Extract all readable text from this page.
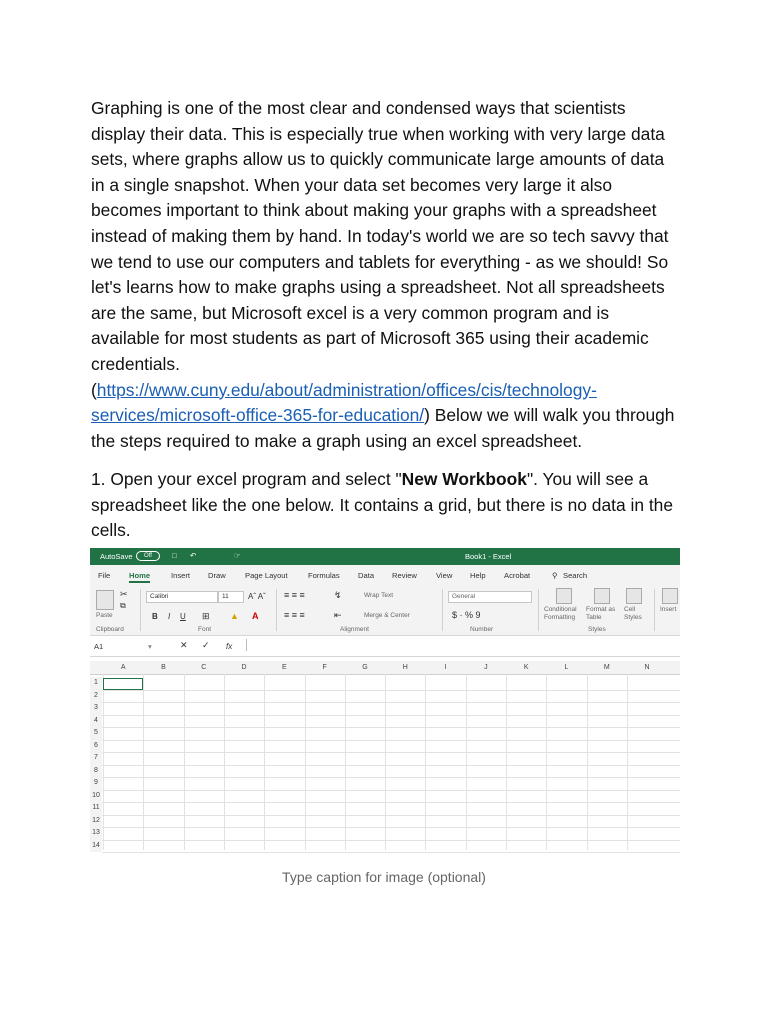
Graphing is one of the most clear and condensed ways that scientists display their data. This is especially true when working with very large data sets, where graphs allow us to quickly communicate large amounts of data in a single snapshot. When your data set becomes very large it also becomes important to think about making your graphs with a spreadsheet instead of making them by hand. In today's world we are so tech savvy that we tend to use our computers and tablets for everything - as we should! So let's learns how to make graphs using a spreadsheet. Not all spreadsheets are the same, but Microsoft excel is a very common program and is available for most students as part of Microsoft 365 using their academic credentials. (https://www.cuny.edu/about/administration/offices/cis/technology-services/microsoft-office-365-for-education/) Below we will walk you through the steps required to make a graph using an excel spreadsheet.

1. Open your excel program and select "New Workbook". You will see a spreadsheet like the one below. It contains a grid, but there is no data in the cells.

AutoSave	Off	□ ↶	☞	Book1 - Excel
File Home	Insert Draw	Page Layout	Formulas Data Review	View Help Acrobat	⚲ Search
Paste
✂
⧉
Clipboard
Calibri	11 Aˆ Aˇ
B I U ⊞ ▲ A
Font
≡ ≡ ≡
≡ ≡ ≡
↯
⇤
Wrap Text
Merge & Center
Alignment
General
$ · % 9
Number
Conditional Formatting
Format as Table
Cell Styles
Styles
Insert
A1	▾	✕ ✓ fx
A	B	C	D	E	F	G	H	I	J	K	L	M	N
1
2
3
4
5
6
7
8
9
10
11
12
13
14
Type caption for image (optional)
